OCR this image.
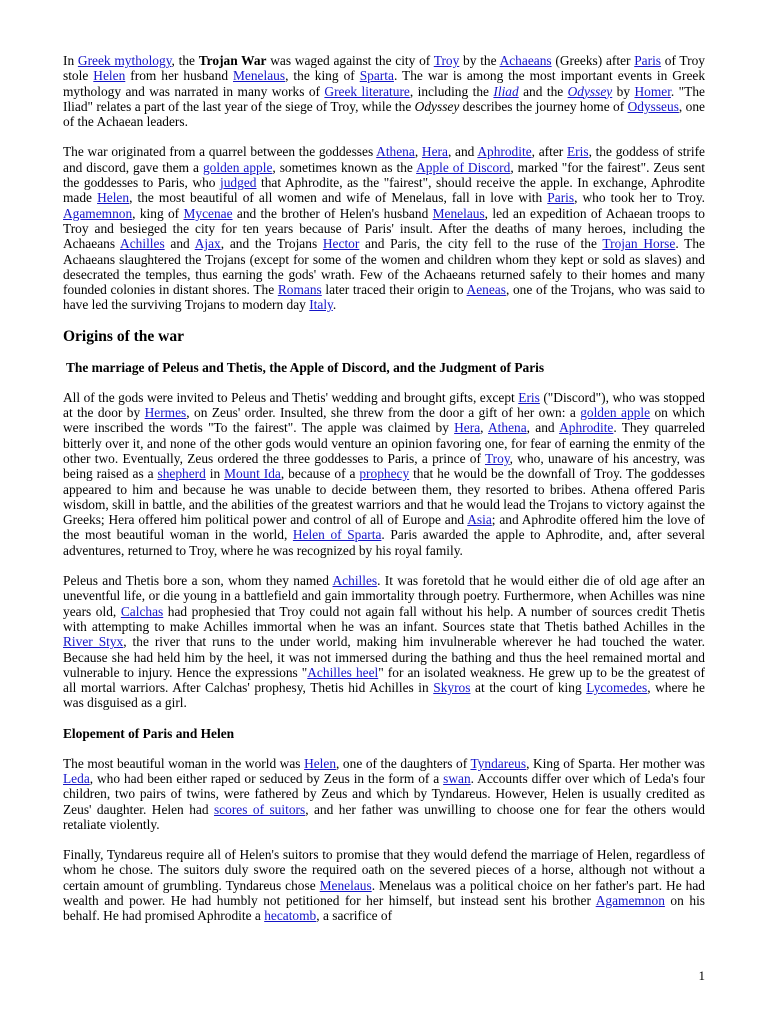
In Greek mythology, the Trojan War was waged against the city of Troy by the Achaeans (Greeks) after Paris of Troy stole Helen from her husband Menelaus, the king of Sparta. The war is among the most important events in Greek mythology and was narrated in many works of Greek literature, including the Iliad and the Odyssey by Homer. "The Iliad" relates a part of the last year of the siege of Troy, while the Odyssey describes the journey home of Odysseus, one of the Achaean leaders.

The war originated from a quarrel between the goddesses Athena, Hera, and Aphrodite, after Eris, the goddess of strife and discord, gave them a golden apple, sometimes known as the Apple of Discord, marked "for the fairest". Zeus sent the goddesses to Paris, who judged that Aphrodite, as the "fairest", should receive the apple. In exchange, Aphrodite made Helen, the most beautiful of all women and wife of Menelaus, fall in love with Paris, who took her to Troy. Agamemnon, king of Mycenae and the brother of Helen's husband Menelaus, led an expedition of Achaean troops to Troy and besieged the city for ten years because of Paris' insult. After the deaths of many heroes, including the Achaeans Achilles and Ajax, and the Trojans Hector and Paris, the city fell to the ruse of the Trojan Horse. The Achaeans slaughtered the Trojans (except for some of the women and children whom they kept or sold as slaves) and desecrated the temples, thus earning the gods' wrath. Few of the Achaeans returned safely to their homes and many founded colonies in distant shores. The Romans later traced their origin to Aeneas, one of the Trojans, who was said to have led the surviving Trojans to modern day Italy.

Origins of the war
The marriage of Peleus and Thetis, the Apple of Discord, and the Judgment of Paris

All of the gods were invited to Peleus and Thetis' wedding and brought gifts, except Eris ("Discord"), who was stopped at the door by Hermes, on Zeus' order. Insulted, she threw from the door a gift of her own: a golden apple on which were inscribed the words "To the fairest". The apple was claimed by Hera, Athena, and Aphrodite. They quarreled bitterly over it, and none of the other gods would venture an opinion favoring one, for fear of earning the enmity of the other two. Eventually, Zeus ordered the three goddesses to Paris, a prince of Troy, who, unaware of his ancestry, was being raised as a shepherd in Mount Ida, because of a prophecy that he would be the downfall of Troy. The goddesses appeared to him and because he was unable to decide between them, they resorted to bribes. Athena offered Paris wisdom, skill in battle, and the abilities of the greatest warriors and that he would lead the Trojans to victory against the Greeks; Hera offered him political power and control of all of Europe and Asia; and Aphrodite offered him the love of the most beautiful woman in the world, Helen of Sparta. Paris awarded the apple to Aphrodite, and, after several adventures, returned to Troy, where he was recognized by his royal family.

Peleus and Thetis bore a son, whom they named Achilles. It was foretold that he would either die of old age after an uneventful life, or die young in a battlefield and gain immortality through poetry. Furthermore, when Achilles was nine years old, Calchas had prophesied that Troy could not again fall without his help. A number of sources credit Thetis with attempting to make Achilles immortal when he was an infant. Sources state that Thetis bathed Achilles in the River Styx, the river that runs to the under world, making him invulnerable wherever he had touched the water. Because she had held him by the heel, it was not immersed during the bathing and thus the heel remained mortal and vulnerable to injury. Hence the expressions "Achilles heel" for an isolated weakness. He grew up to be the greatest of all mortal warriors. After Calchas' prophesy, Thetis hid Achilles in Skyros at the court of king Lycomedes, where he was disguised as a girl.

Elopement of Paris and Helen

The most beautiful woman in the world was Helen, one of the daughters of Tyndareus, King of Sparta. Her mother was Leda, who had been either raped or seduced by Zeus in the form of a swan. Accounts differ over which of Leda's four children, two pairs of twins, were fathered by Zeus and which by Tyndareus. However, Helen is usually credited as Zeus' daughter. Helen had scores of suitors, and her father was unwilling to choose one for fear the others would retaliate violently.

Finally, Tyndareus require all of Helen's suitors to promise that they would defend the marriage of Helen, regardless of whom he chose. The suitors duly swore the required oath on the severed pieces of a horse, although not without a certain amount of grumbling. Tyndareus chose Menelaus. Menelaus was a political choice on her father's part. He had wealth and power. He had humbly not petitioned for her himself, but instead sent his brother Agamemnon on his behalf. He had promised Aphrodite a hecatomb, a sacrifice of

1
